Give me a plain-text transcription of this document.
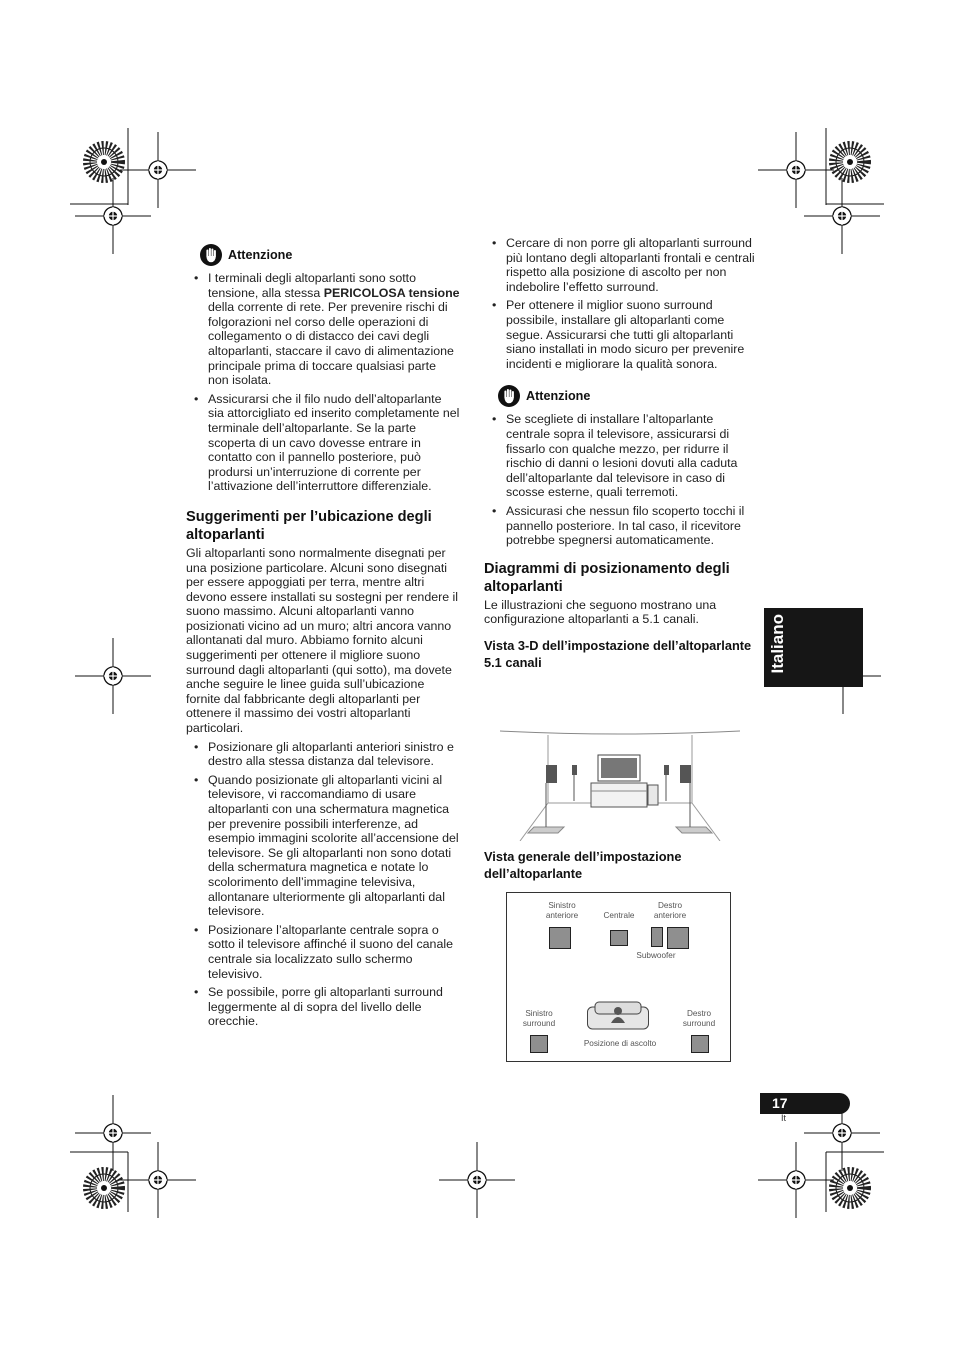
Attenzione
• I terminali degli altoparlanti sono sotto tensione, alla stessa PERICOLOSA tensione della corrente di rete. Per prevenire rischi di folgorazioni nel corso delle operazioni di collegamento o di distacco dei cavi degli altoparlanti, staccare il cavo di alimentazione principale prima di toccare qualsiasi parte non isolata.
• Assicurarsi che il filo nudo dell’altoparlante sia attorcigliato ed inserito completamente nel terminale dell’altoparlante. Se la parte scoperta di un cavo dovesse entrare in contatto con il pannello posteriore, può prodursi un’interruzione di corrente per l’attivazione dell’interruttore differenziale.
Suggerimenti per l’ubicazione degli altoparlanti

Gli altoparlanti sono normalmente disegnati per una posizione particolare. Alcuni sono disegnati per essere appoggiati per terra, mentre altri devono essere installati su sostegni per rendere il suono massimo. Alcuni altoparlanti vanno posizionati vicino ad un muro; altri ancora vanno allontanati dal muro. Abbiamo fornito alcuni suggerimenti per ottenere il migliore suono surround dagli altoparlanti (qui sotto), ma dovete anche seguire le linee guida sull’ubicazione fornite dal fabbricante degli altoparlanti per ottenere il massimo dei vostri altoparlanti particolari.

• Posizionare gli altoparlanti anteriori sinistro e destro alla stessa distanza dal televisore.
• Quando posizionate gli altoparlanti vicini al televisore, vi raccomandiamo di usare altoparlanti con una schermatura magnetica per prevenire possibili interferenze, ad esempio immagini scolorite all’accensione del televisore. Se gli altoparlanti non sono dotati della schermatura magnetica e notate lo scolorimento dell’immagine televisiva, allontanare ulteriormente gli altoparlanti dal televisore.
• Posizionare l’altoparlante centrale sopra o sotto il televisore affinché il suono del canale centrale sia localizzato sullo schermo televisivo.
• Se possibile, porre gli altoparlanti surround leggermente al di sopra del livello delle orecchie.
• Cercare di non porre gli altoparlanti surround più lontano degli altoparlanti frontali e centrali rispetto alla posizione di ascolto per non indebolire l’effetto surround.
• Per ottenere il miglior suono surround possibile, installare gli altoparlanti come segue. Assicurarsi che tutti gli altoparlanti siano installati in modo sicuro per prevenire incidenti e migliorare la qualità sonora.
Attenzione
• Se scegliete di installare l’altoparlante centrale sopra il televisore, assicurarsi di fissarlo con qualche mezzo, per ridurre il rischio di danni o lesioni dovuti alla caduta dell’altoparlante dal televisore in caso di scosse esterne, quali terremoti.
• Assicurasi che nessun filo scoperto tocchi il pannello posteriore. In tal caso, il ricevitore potrebbe spegnersi automaticamente.
Diagrammi di posizionamento degli altoparlanti

Le illustrazioni che seguono mostrano una configurazione altoparlanti a 5.1 canali.

Vista 3-D dell’impostazione dell’altoparlante 5.1 canali
Vista generale dell’impostazione dell’altoparlante
Sinistro anteriore	Centrale
Destro anteriore
Subwoofer
Sinistro surround
Destro surround
Posizione di ascolto
Italiano
17
It
